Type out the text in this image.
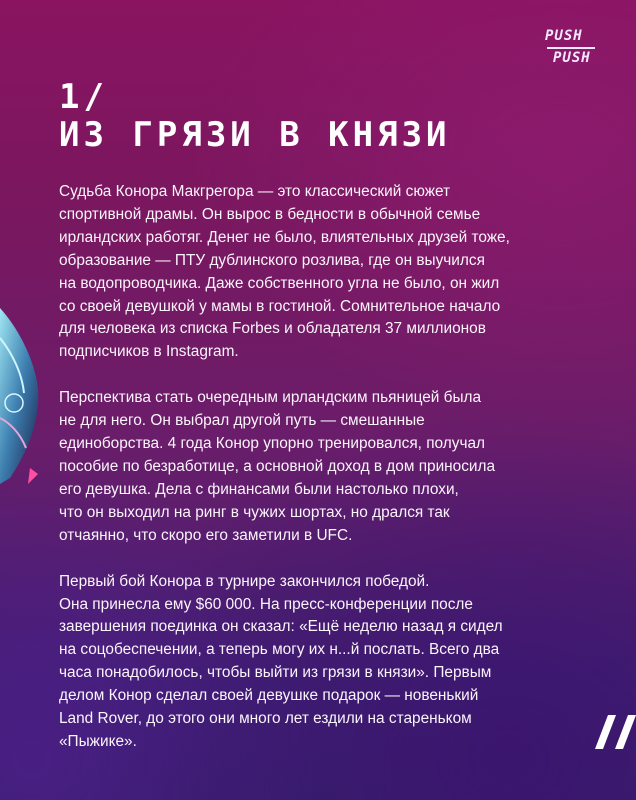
PUSH
PUSH
1/
ИЗ ГРЯЗИ В КНЯЗИ
Судьба Конора Макгрегора — это классический сюжет
спортивной драмы. Он вырос в бедности в обычной семье
ирландских работяг. Денег не было, влиятельных друзей тоже,
образование — ПТУ дублинского розлива, где он выучился
на водопроводчика. Даже собственного угла не было, он жил
со своей девушкой у мамы в гостиной. Сомнительное начало
для человека из списка Forbes и обладателя 37 миллионов
подписчиков в Instagram.
Перспектива стать очередным ирландским пьяницей была
не для него. Он выбрал другой путь — смешанные
единоборства. 4 года Конор упорно тренировался, получал
пособие по безработице, а основной доход в дом приносила
его девушка. Дела с финансами были настолько плохи,
что он выходил на ринг в чужих шортах, но дрался так
отчаянно, что скоро его заметили в UFC.
Первый бой Конора в турнире закончился победой.
Она принесла ему $60 000. На пресс-конференции после
завершения поединка он сказал: «Ещё неделю назад я сидел
на соцобеспечении, а теперь могу их н...й послать. Всего два
часа понадобилось, чтобы выйти из грязи в князи». Первым
делом Конор сделал своей девушке подарок — новенький
Land Rover, до этого они много лет ездили на стареньком
«Пыжике».
